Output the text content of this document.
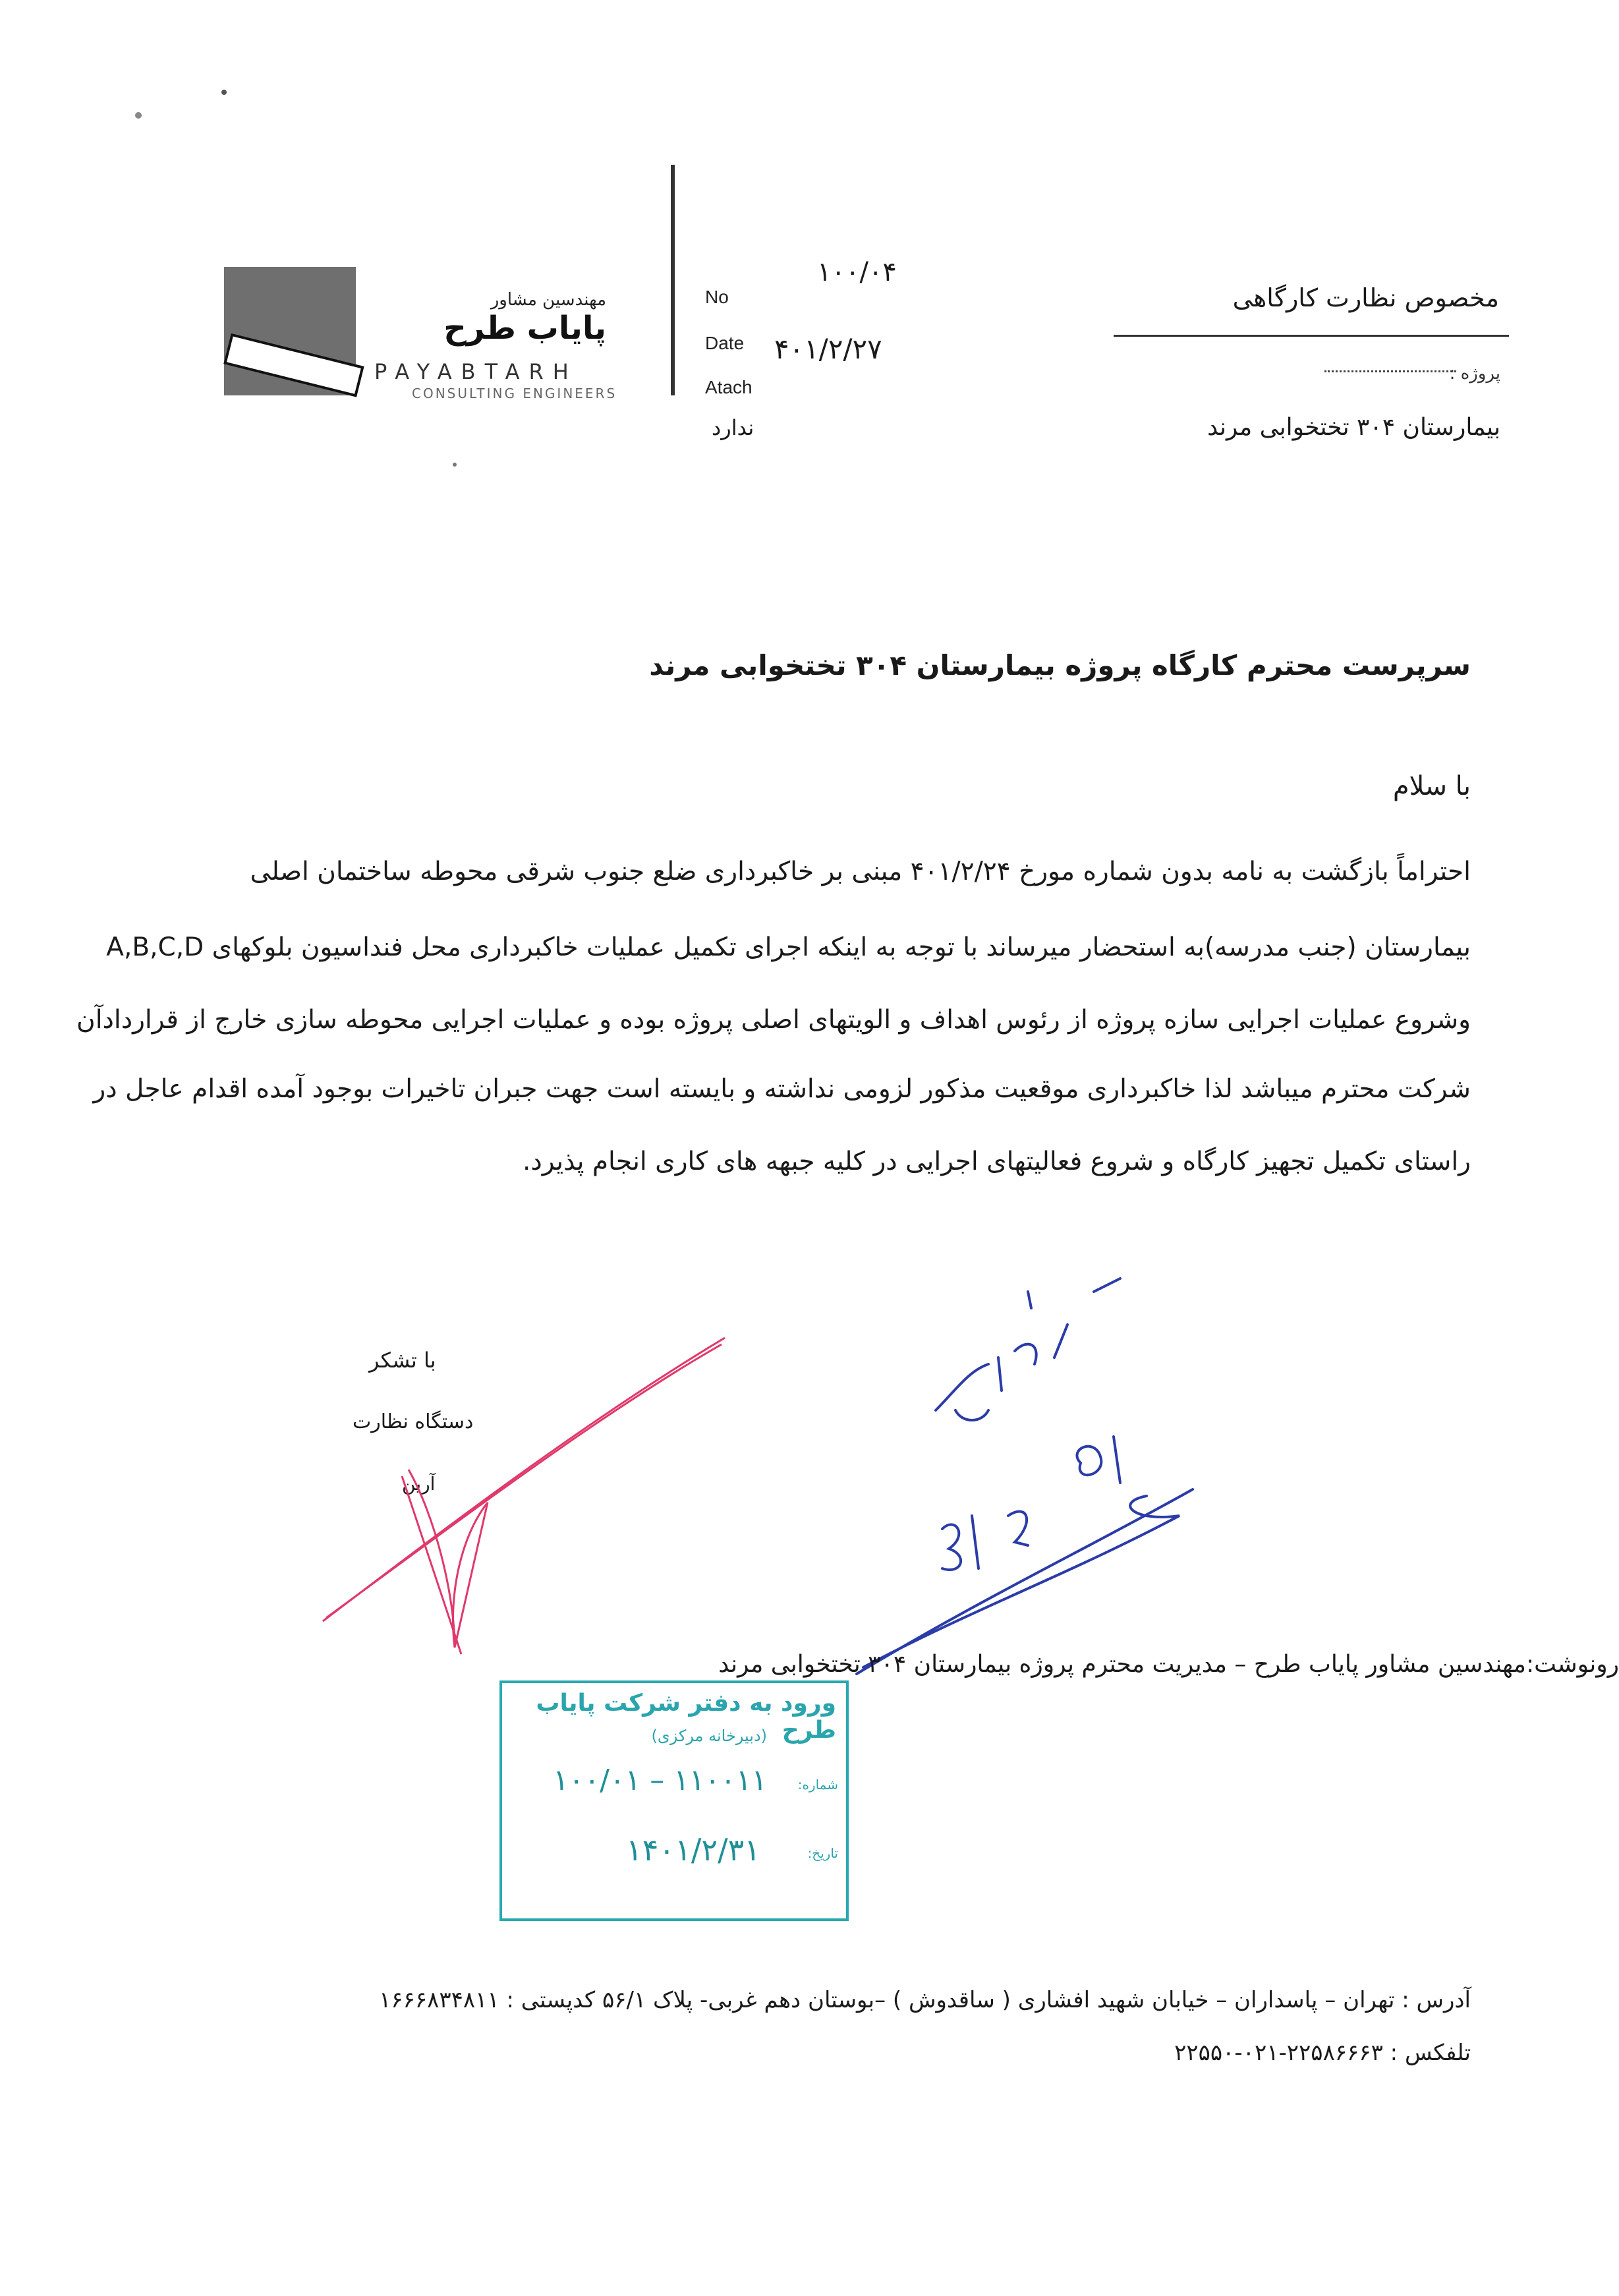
مهندسین مشاور
پایاب طرح
PAYABTARH
CONSULTING ENGINEERS
No
Date
Atach
۱۰۰/۰۴
۴۰۱/۲/۲۷
ندارد
مخصوص نظارت کارگاهی
پروژه :
بیمارستان ۳۰۴ تختخوابی مرند
سرپرست محترم کارگاه پروژه بیمارستان ۳۰۴ تختخوابی مرند
با سلام
احتراماً بازگشت به نامه بدون شماره مورخ ۴۰۱/۲/۲۴ مبنی بر خاکبرداری ضلع جنوب شرقی محوطه ساختمان اصلی
بیمارستان (جنب مدرسه)به استحضار میرساند با توجه به اینکه اجرای تکمیل عملیات خاکبرداری محل فنداسیون بلوکهای A,B,C,D
وشروع عملیات اجرایی سازه پروژه از رئوس اهداف و الویتهای اصلی پروژه بوده و عملیات اجرایی محوطه سازی خارج از قراردادآن
شرکت محترم میباشد لذا خاکبرداری موقعیت مذکور لزومی نداشته و بایسته است جهت جبران تاخیرات بوجود آمده اقدام عاجل در
راستای تکمیل تجهیز کارگاه و شروع فعالیتهای اجرایی در کلیه جبهه های کاری انجام پذیرد.
با تشکر
دستگاه نظارت
آرین
رونوشت:مهندسین مشاور پایاب طرح – مدیریت محترم پروژه بیمارستان ۳۰۴ تختخوابی مرند
ورود به دفتر شرکت پایاب طرح
(دبیرخانه مرکزی)
شماره:
۱۰۰/۰۱ – ۱۱۰۰۱۱
تاریخ:
۱۴۰۱/۲/۳۱
آدرس : تهران – پاسداران – خیابان شهید افشاری ( ساقدوش ) –بوستان دهم غربی- پلاک ۵۶/۱ کدپستی : ۱۶۶۶۸۳۴۸۱۱
تلفکس : ۲۲۵۸۶۶۶۳-۰۲۱-۲۲۵۵۰
